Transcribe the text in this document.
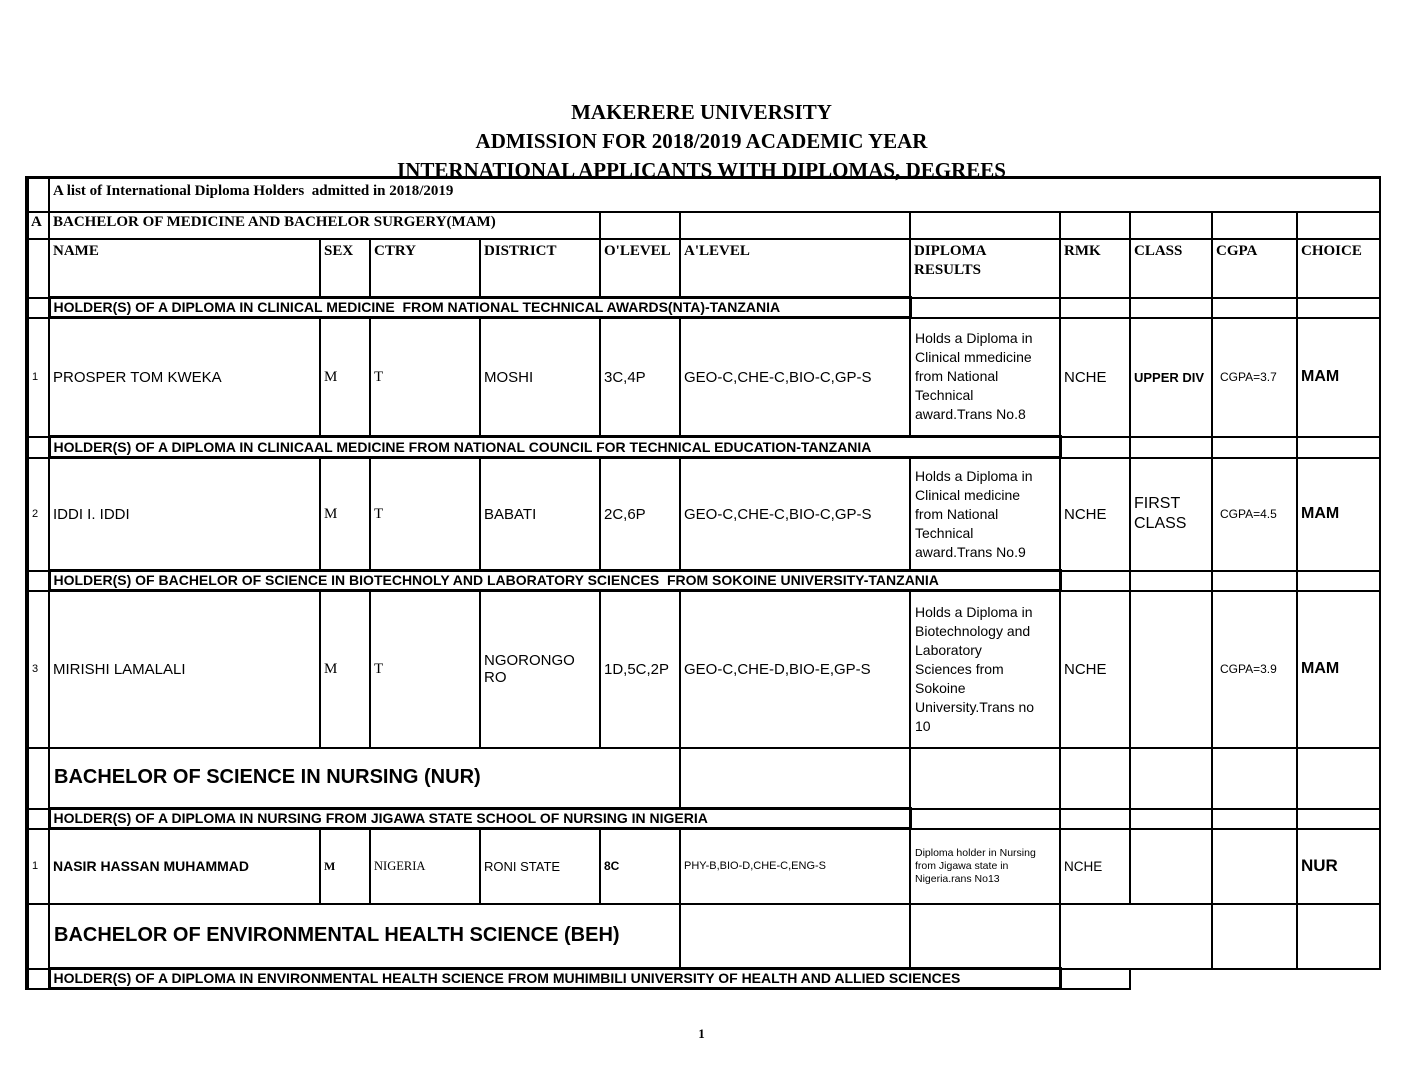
MAKERERE UNIVERSITY
ADMISSION FOR 2018/2019 ACADEMIC YEAR
INTERNATIONAL APPLICANTS WITH DIPLOMAS, DEGREES
	A list of International Diploma Holders  admitted in 2018/2019										
A	BACHELOR OF MEDICINE AND BACHELOR SURGERY(MAM)										
	NAME	SEX	CTRY	DISTRICT	O'LEVEL	A'LEVEL	DIPLOMA RESULTS	RMK	CLASS	CGPA	CHOICE
	HOLDER(S) OF A DIPLOMA IN CLINICAL MEDICINE  FROM NATIONAL TECHNICAL AWARDS(NTA)-TANZANIA										
1	PROSPER TOM KWEKA	M	T	MOSHI	3C,4P	GEO-C,CHE-C,BIO-C,GP-S	Holds a Diploma in Clinical mmedicine from National Technical award.Trans No.8	NCHE	UPPER DIV	CGPA=3.7	MAM
	HOLDER(S) OF A DIPLOMA IN CLINICAAL MEDICINE FROM NATIONAL COUNCIL FOR TECHNICAL EDUCATION-TANZANIA										
2	IDDI I. IDDI	M	T	BABATI	2C,6P	GEO-C,CHE-C,BIO-C,GP-S	Holds a Diploma in Clinical medicine from National Technical award.Trans No.9	NCHE	FIRST CLASS	CGPA=4.5	MAM
	HOLDER(S) OF BACHELOR OF SCIENCE IN BIOTECHNOLY AND LABORATORY SCIENCES  FROM SOKOINE UNIVERSITY-TANZANIA										
3	MIRISHI LAMALALI	M	T	NGORONGORO	1D,5C,2P	GEO-C,CHE-D,BIO-E,GP-S	Holds a Diploma in Biotechnology and Laboratory Sciences from Sokoine University.Trans no 10	NCHE		CGPA=3.9	MAM
	BACHELOR OF SCIENCE IN NURSING (NUR)										
	HOLDER(S) OF A DIPLOMA IN NURSING FROM JIGAWA STATE SCHOOL OF NURSING IN NIGERIA										
1	NASIR HASSAN MUHAMMAD	M	NIGERIA	RONI STATE	8C	PHY-B,BIO-D,CHE-C,ENG-S	Diploma holder in Nursing from Jigawa state in Nigeria.rans No13	NCHE			NUR
	BACHELOR OF ENVIRONMENTAL HEALTH SCIENCE (BEH)										
	HOLDER(S) OF A DIPLOMA IN ENVIRONMENTAL HEALTH SCIENCE FROM MUHIMBILI UNIVERSITY OF HEALTH AND ALLIED SCIENCES										
1
